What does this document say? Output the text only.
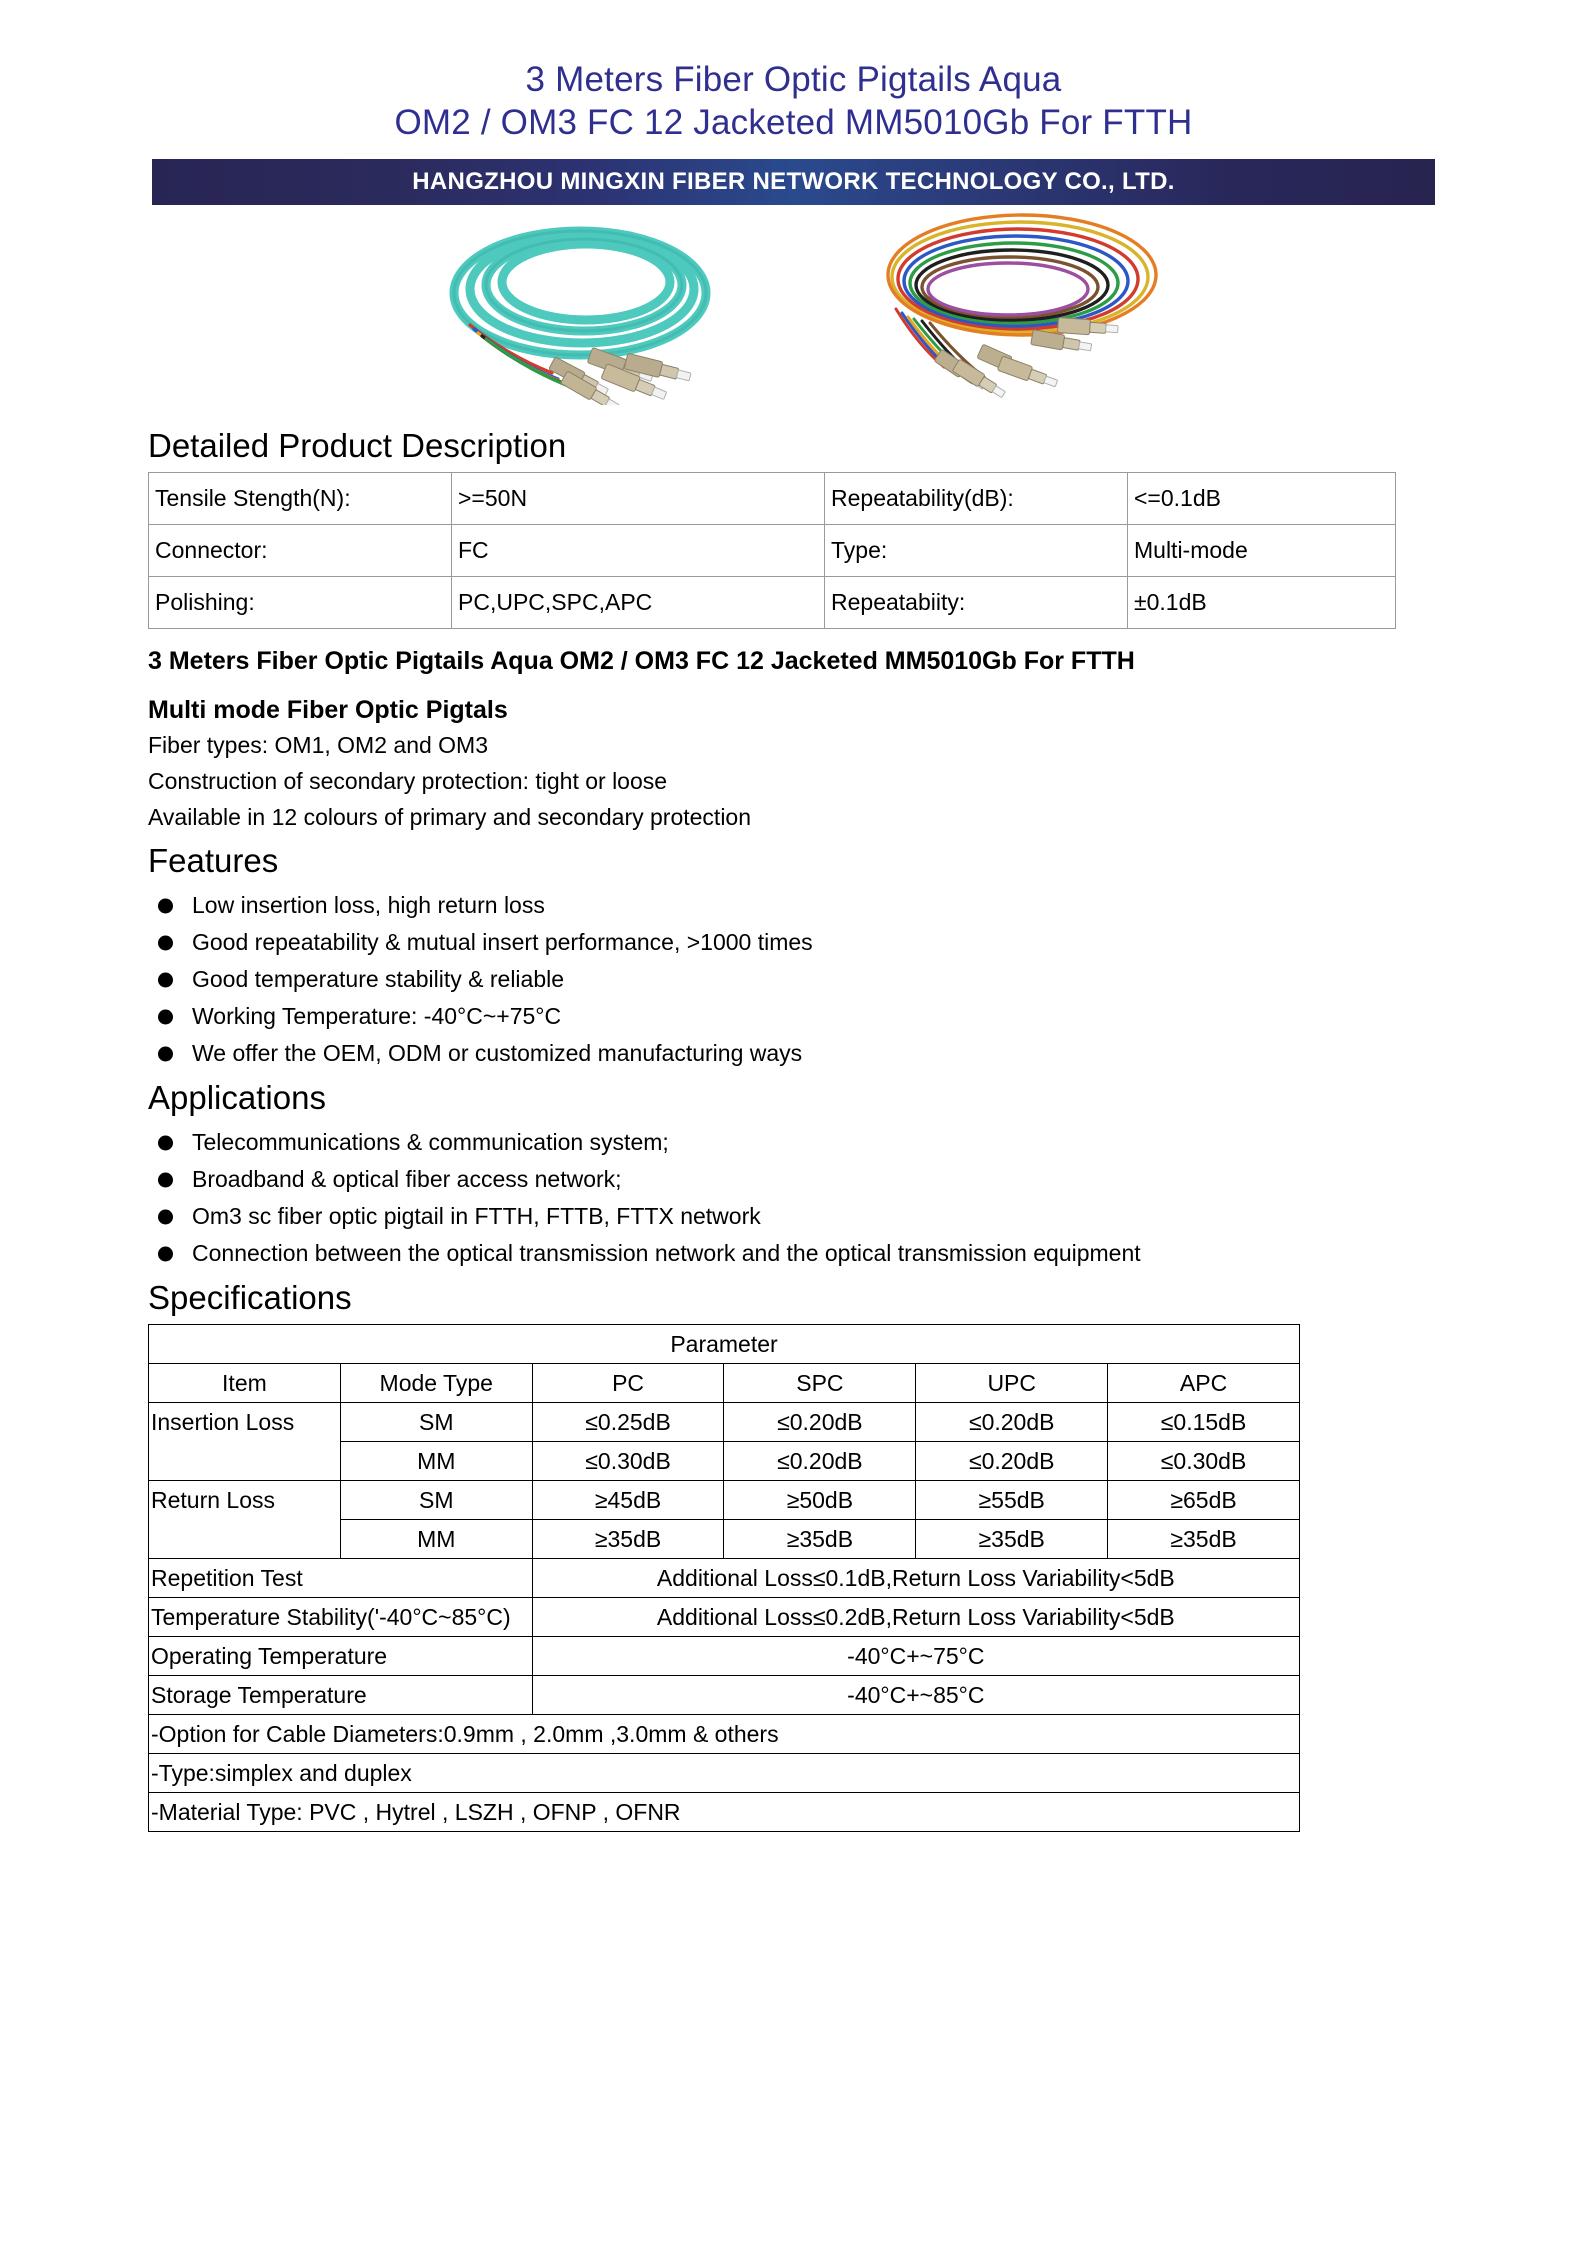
3 Meters Fiber Optic Pigtails Aqua
OM2 / OM3 FC 12 Jacketed MM5010Gb For FTTH
HANGZHOU MINGXIN FIBER NETWORK TECHNOLOGY CO., LTD.
Detailed Product Description
Tensile Stength(N):	>=50N	Repeatability(dB):	<=0.1dB
Connector:	FC	Type:	Multi-mode
Polishing:	PC,UPC,SPC,APC	Repeatabiity:	±0.1dB
3 Meters Fiber Optic Pigtails Aqua OM2 / OM3 FC 12 Jacketed MM5010Gb For FTTH
Multi mode Fiber Optic Pigtals
Fiber types: OM1, OM2 and OM3
Construction of secondary protection: tight or loose
Available in 12 colours of primary and secondary protection
Features
Low insertion loss, high return loss
Good repeatability & mutual insert performance, >1000 times
Good temperature stability & reliable
Working Temperature: -40°C~+75°C
We offer the OEM, ODM or customized manufacturing ways
Applications
Telecommunications & communication system;
Broadband & optical fiber access network;
Om3 sc fiber optic pigtail in FTTH, FTTB, FTTX network
Connection between the optical transmission network and the optical transmission equipment
Specifications
Parameter					
Item	Mode Type	PC	SPC	UPC	APC
Insertion Loss	SM	≤0.25dB	≤0.20dB	≤0.20dB	≤0.15dB
	MM	≤0.30dB	≤0.20dB	≤0.20dB	≤0.30dB
Return Loss	SM	≥45dB	≥50dB	≥55dB	≥65dB
	MM	≥35dB	≥35dB	≥35dB	≥35dB
Repetition Test		Additional Loss≤0.1dB,Return Loss Variability<5dB			
Temperature Stability('-40°C~85°C)		Additional Loss≤0.2dB,Return Loss Variability<5dB			
Operating Temperature		-40°C+~75°C			
Storage Temperature		-40°C+~85°C			
-Option for Cable Diameters:0.9mm , 2.0mm ,3.0mm & others					
-Type:simplex and duplex					
-Material Type: PVC , Hytrel , LSZH , OFNP , OFNR					
